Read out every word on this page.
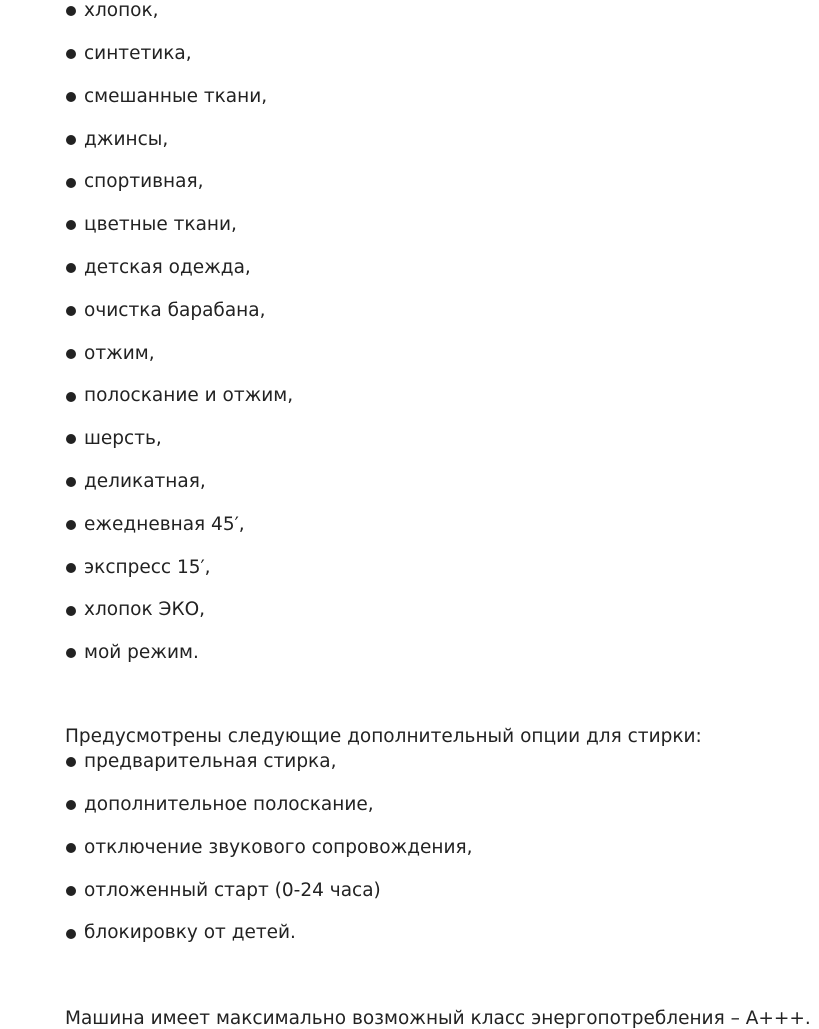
хлопок,
синтетика,
смешанные ткани,
джинсы,
спортивная,
цветные ткани,
детская одежда,
очистка барабана,
отжим,
полоскание и отжим,
шерсть,
деликатная,
ежедневная 45′,
экспресс 15′,
хлопок ЭКО,
мой режим.

Предусмотрены следующие дополнительный опции для стирки:

предварительная стирка,
дополнительное полоскание,
отключение звукового сопровождения,
отложенный старт (0-24 часа)
блокировку от детей.

Машина имеет максимально возможный класс энергопотребления – А+++.
